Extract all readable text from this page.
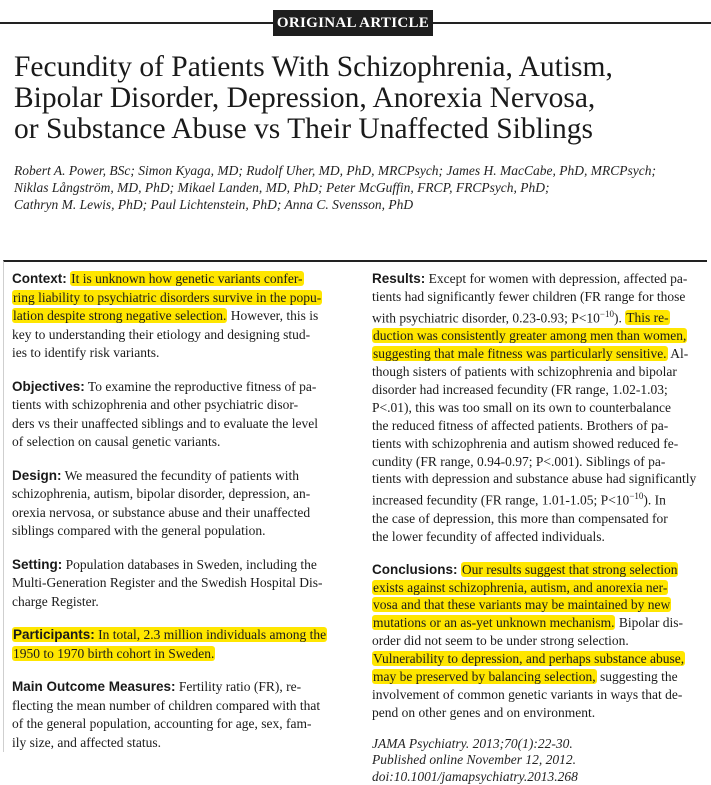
ORIGINAL ARTICLE
Fecundity of Patients With Schizophrenia, Autism,
Bipolar Disorder, Depression, Anorexia Nervosa,
or Substance Abuse vs Their Unaffected Siblings
Robert A. Power, BSc; Simon Kyaga, MD; Rudolf Uher, MD, PhD, MRCPsych; James H. MacCabe, PhD, MRCPsych;
Niklas Långström, MD, PhD; Mikael Landen, MD, PhD; Peter McGuffin, FRCP, FRCPsych, PhD;
Cathryn M. Lewis, PhD; Paul Lichtenstein, PhD; Anna C. Svensson, PhD

Context: It is unknown how genetic variants confer-
ring liability to psychiatric disorders survive in the popu-
lation despite strong negative selection. However, this is
key to understanding their etiology and designing stud-
ies to identify risk variants.

Objectives: To examine the reproductive fitness of pa-
tients with schizophrenia and other psychiatric disor-
ders vs their unaffected siblings and to evaluate the level
of selection on causal genetic variants.

Design: We measured the fecundity of patients with
schizophrenia, autism, bipolar disorder, depression, an-
orexia nervosa, or substance abuse and their unaffected
siblings compared with the general population.

Setting: Population databases in Sweden, including the
Multi-Generation Register and the Swedish Hospital Dis-
charge Register.

Participants: In total, 2.3 million individuals among the
1950 to 1970 birth cohort in Sweden.

Main Outcome Measures: Fertility ratio (FR), re-
flecting the mean number of children compared with that
of the general population, accounting for age, sex, fam-
ily size, and affected status.

Results: Except for women with depression, affected pa-
tients had significantly fewer children (FR range for those
with psychiatric disorder, 0.23-0.93; $P<10^{-10}$). This re-
duction was consistently greater among men than women,
suggesting that male fitness was particularly sensitive. Al-
though sisters of patients with schizophrenia and bipolar
disorder had increased fecundity (FR range, 1.02-1.03;
P<.01), this was too small on its own to counterbalance
the reduced fitness of affected patients. Brothers of pa-
tients with schizophrenia and autism showed reduced fe-
cundity (FR range, 0.94-0.97; P<.001). Siblings of pa-
tients with depression and substance abuse had significantly
increased fecundity (FR range, 1.01-1.05; $P<10^{-10}$). In
the case of depression, this more than compensated for
the lower fecundity of affected individuals.

Conclusions: Our results suggest that strong selection
exists against schizophrenia, autism, and anorexia ner-
vosa and that these variants may be maintained by new
mutations or an as-yet unknown mechanism. Bipolar dis-
order did not seem to be under strong selection.
Vulnerability to depression, and perhaps substance abuse,
may be preserved by balancing selection, suggesting the
involvement of common genetic variants in ways that de-
pend on other genes and on environment.

JAMA Psychiatry. 2013;70(1):22-30.
Published online November 12, 2012.
doi:10.1001/jamapsychiatry.2013.268
